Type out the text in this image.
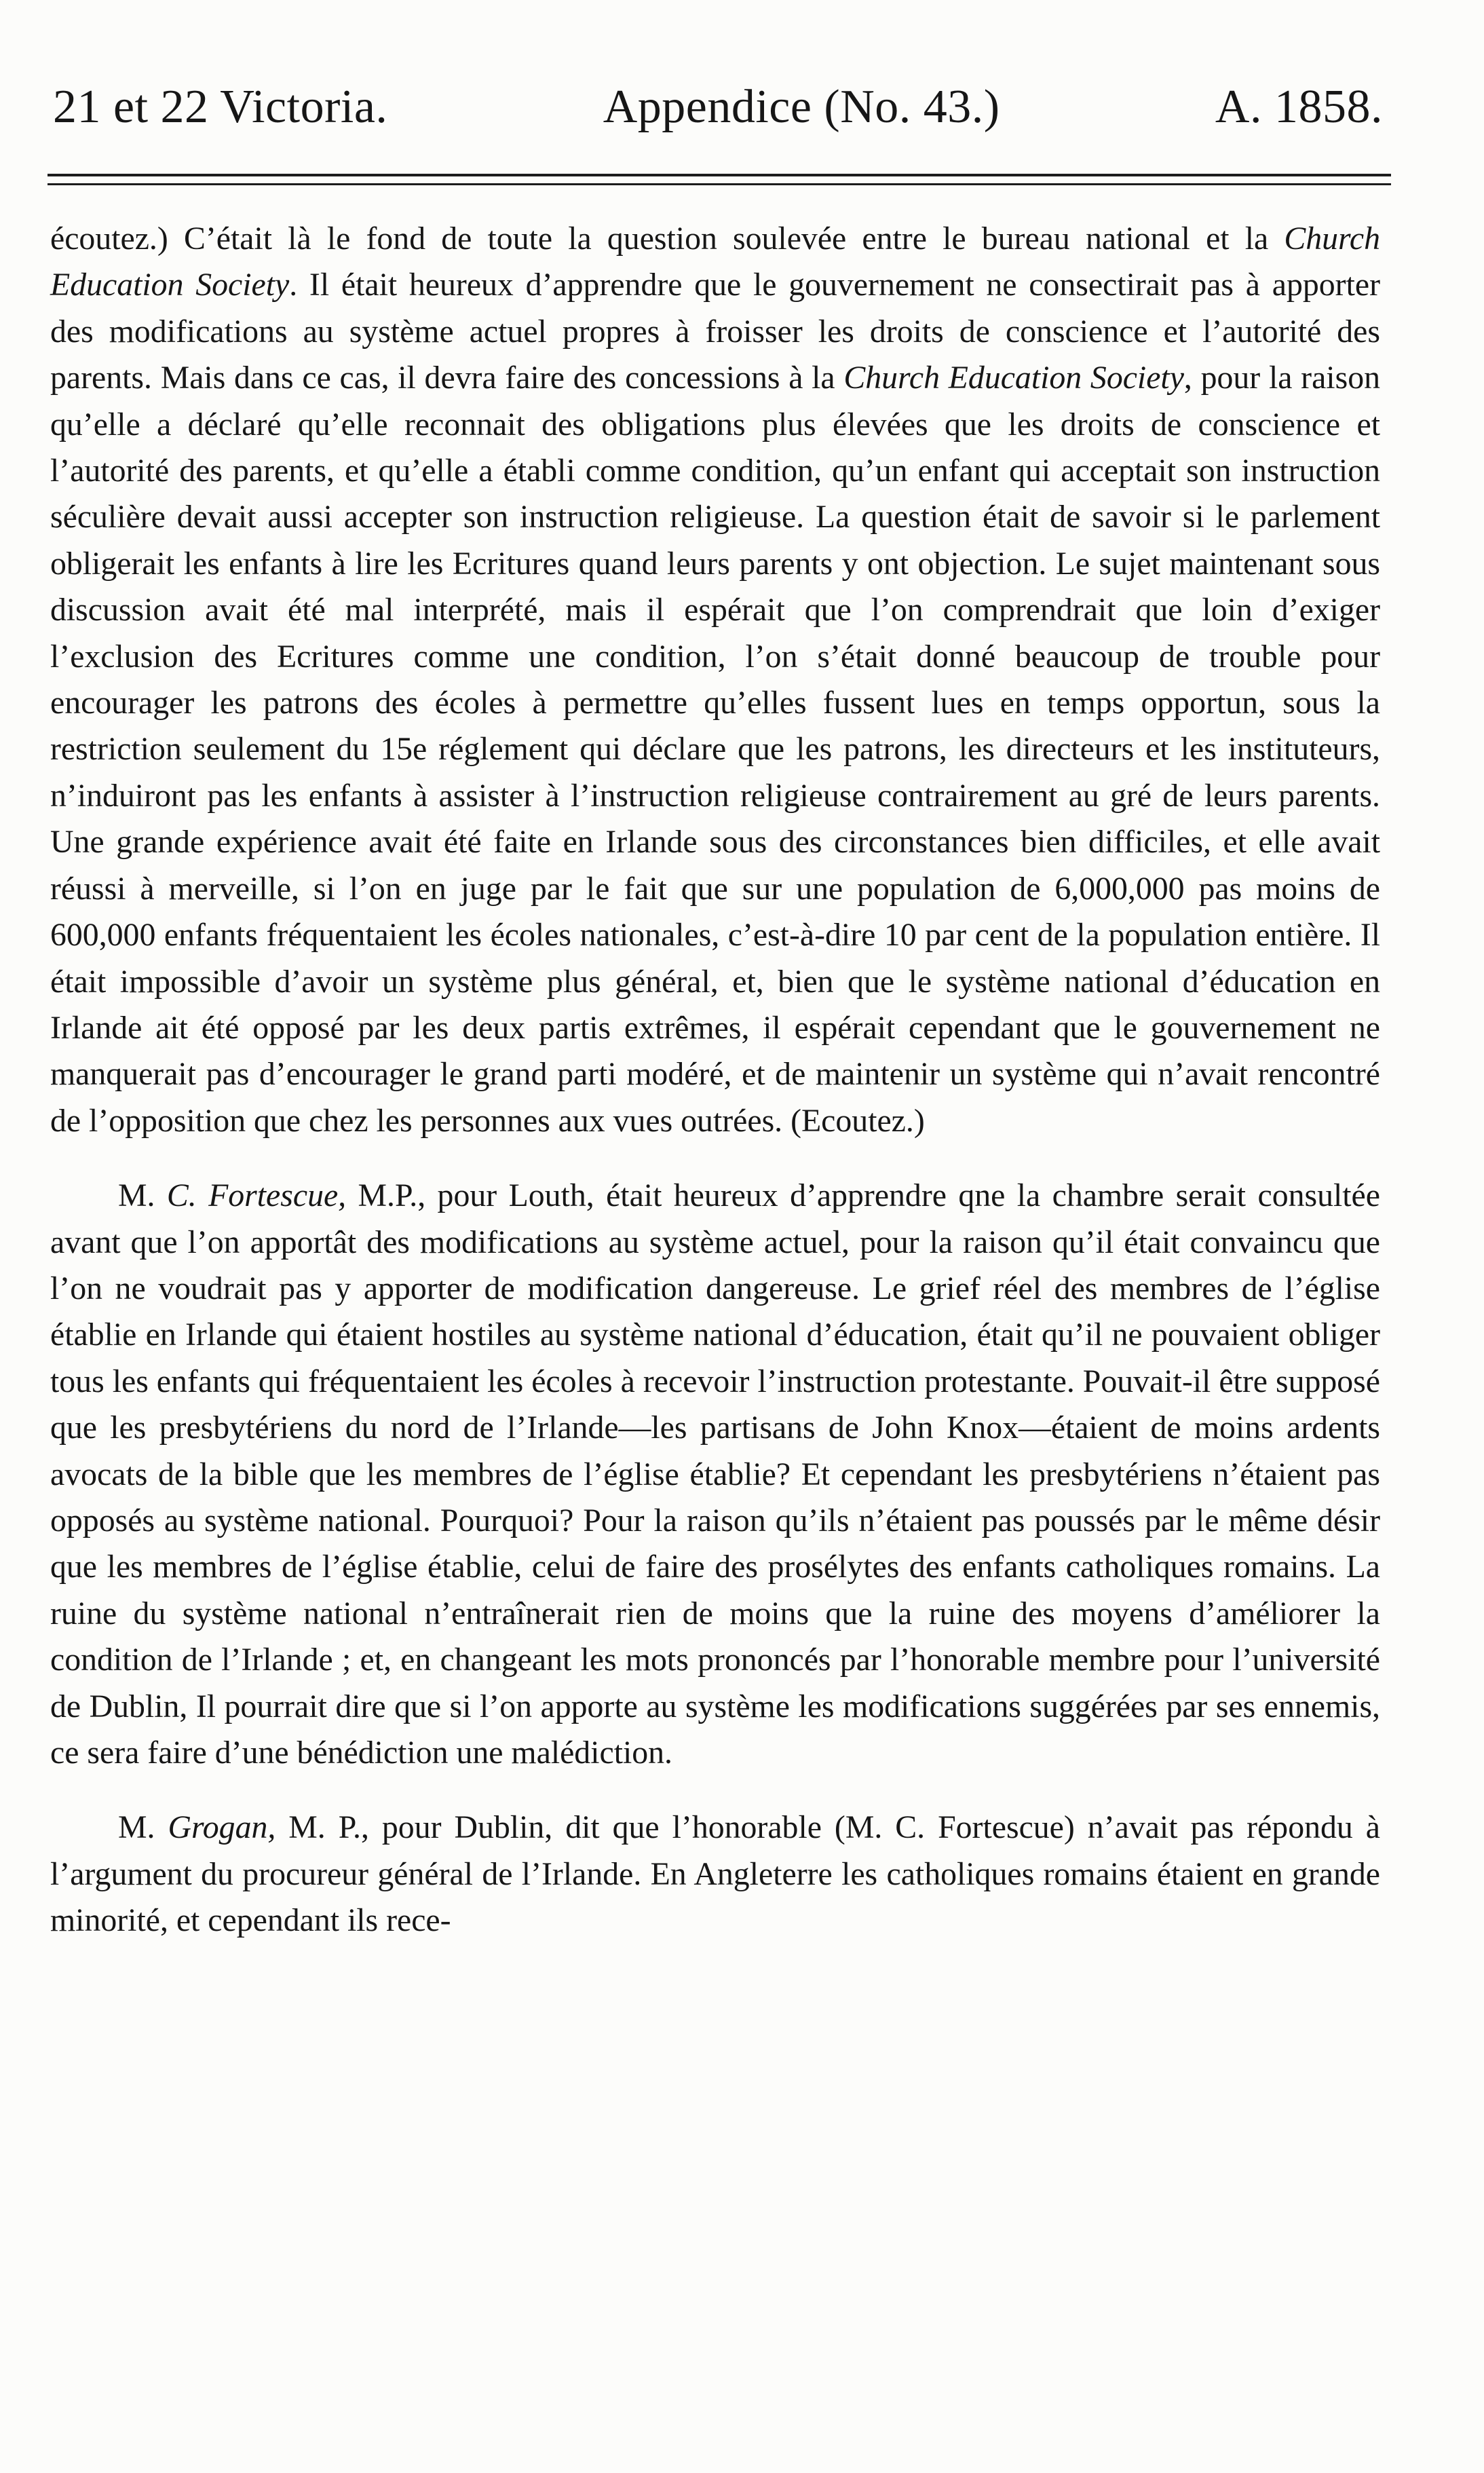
21 et 22 Victoria.	Appendice (No. 43.)	A. 1858.

écoutez.) C’était là le fond de toute la question soulevée entre le bureau national et la Church Education Society. Il était heureux d’apprendre que le gouvernement ne consectirait pas à apporter des modifications au système actuel propres à froisser les droits de conscience et l’autorité des parents. Mais dans ce cas, il devra faire des concessions à la Church Education Society, pour la raison qu’elle a déclaré qu’elle reconnait des obligations plus élevées que les droits de conscience et l’autorité des parents, et qu’elle a établi comme condition, qu’un enfant qui acceptait son instruction séculière devait aussi accepter son instruction religieuse. La question était de savoir si le parlement obligerait les enfants à lire les Ecritures quand leurs parents y ont objection. Le sujet maintenant sous discussion avait été mal interprété, mais il espérait que l’on comprendrait que loin d’exiger l’exclusion des Ecritures comme une condition, l’on s’était donné beaucoup de trouble pour encourager les patrons des écoles à permettre qu’elles fussent lues en temps opportun, sous la restriction seulement du 15e réglement qui déclare que les patrons, les directeurs et les instituteurs, n’induiront pas les enfants à assister à l’instruction religieuse contrairement au gré de leurs parents. Une grande expérience avait été faite en Irlande sous des circonstances bien difficiles, et elle avait réussi à merveille, si l’on en juge par le fait que sur une population de 6,000,000 pas moins de 600,000 enfants fréquentaient les écoles nationales, c’est-à-dire 10 par cent de la population entière. Il était impossible d’avoir un système plus général, et, bien que le système national d’éducation en Irlande ait été opposé par les deux partis extrêmes, il espérait cependant que le gouvernement ne manquerait pas d’encourager le grand parti modéré, et de maintenir un système qui n’avait rencontré de l’opposition que chez les personnes aux vues outrées. (Ecoutez.)

M. C. Fortescue, M.P., pour Louth, était heureux d’apprendre qne la chambre serait consultée avant que l’on apportât des modifications au système actuel, pour la raison qu’il était convaincu que l’on ne voudrait pas y apporter de modification dangereuse. Le grief réel des membres de l’église établie en Irlande qui étaient hostiles au système national d’éducation, était qu’il ne pouvaient obliger tous les enfants qui fréquentaient les écoles à recevoir l’instruction protestante. Pouvait-il être supposé que les presbytériens du nord de l’Irlande—les partisans de John Knox—étaient de moins ardents avocats de la bible que les membres de l’église établie? Et cependant les presbytériens n’étaient pas opposés au système national. Pourquoi? Pour la raison qu’ils n’étaient pas poussés par le même désir que les membres de l’église établie, celui de faire des prosélytes des enfants catholiques romains. La ruine du système national n’entraînerait rien de moins que la ruine des moyens d’améliorer la condition de l’Irlande ; et, en changeant les mots prononcés par l’honorable membre pour l’université de Dublin, Il pourrait dire que si l’on apporte au système les modifications suggérées par ses ennemis, ce sera faire d’une bénédiction une malédiction.

M. Grogan, M. P., pour Dublin, dit que l’honorable (M. C. Fortescue) n’avait pas répondu à l’argument du procureur général de l’Irlande. En Angleterre les catholiques romains étaient en grande minorité, et cependant ils rece-
